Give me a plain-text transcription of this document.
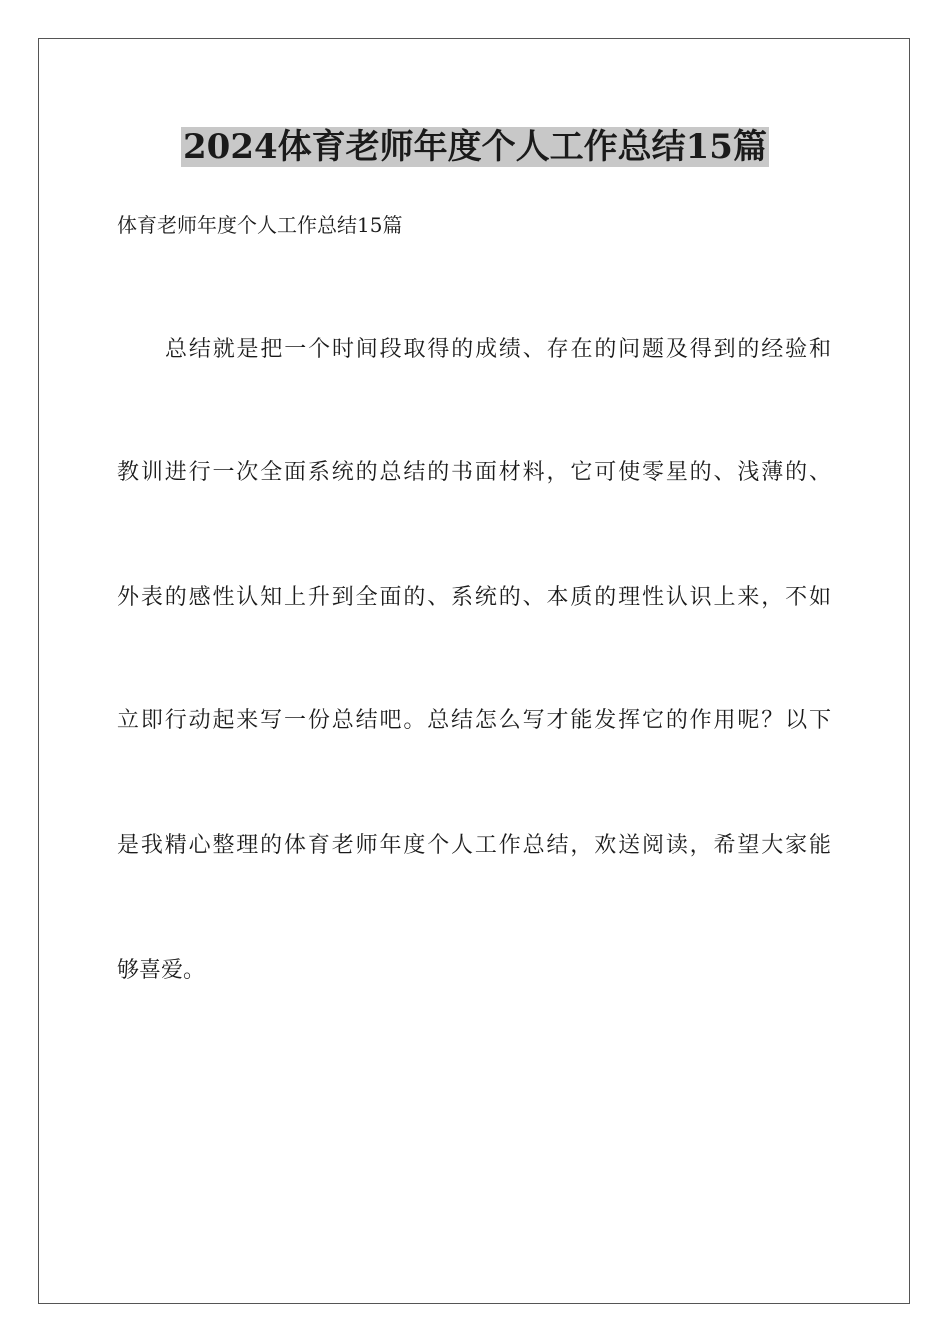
2024体育老师年度个人工作总结15篇
体育老师年度个人工作总结15篇
总结就是把一个时间段取得的成绩、存在的问题及得到的经验和
教训进行一次全面系统的总结的书面材料，它可使零星的、浅薄的、
外表的感性认知上升到全面的、系统的、本质的理性认识上来，不如
立即行动起来写一份总结吧。总结怎么写才能发挥它的作用呢？以下
是我精心整理的体育老师年度个人工作总结，欢送阅读，希望大家能
够喜爱。
